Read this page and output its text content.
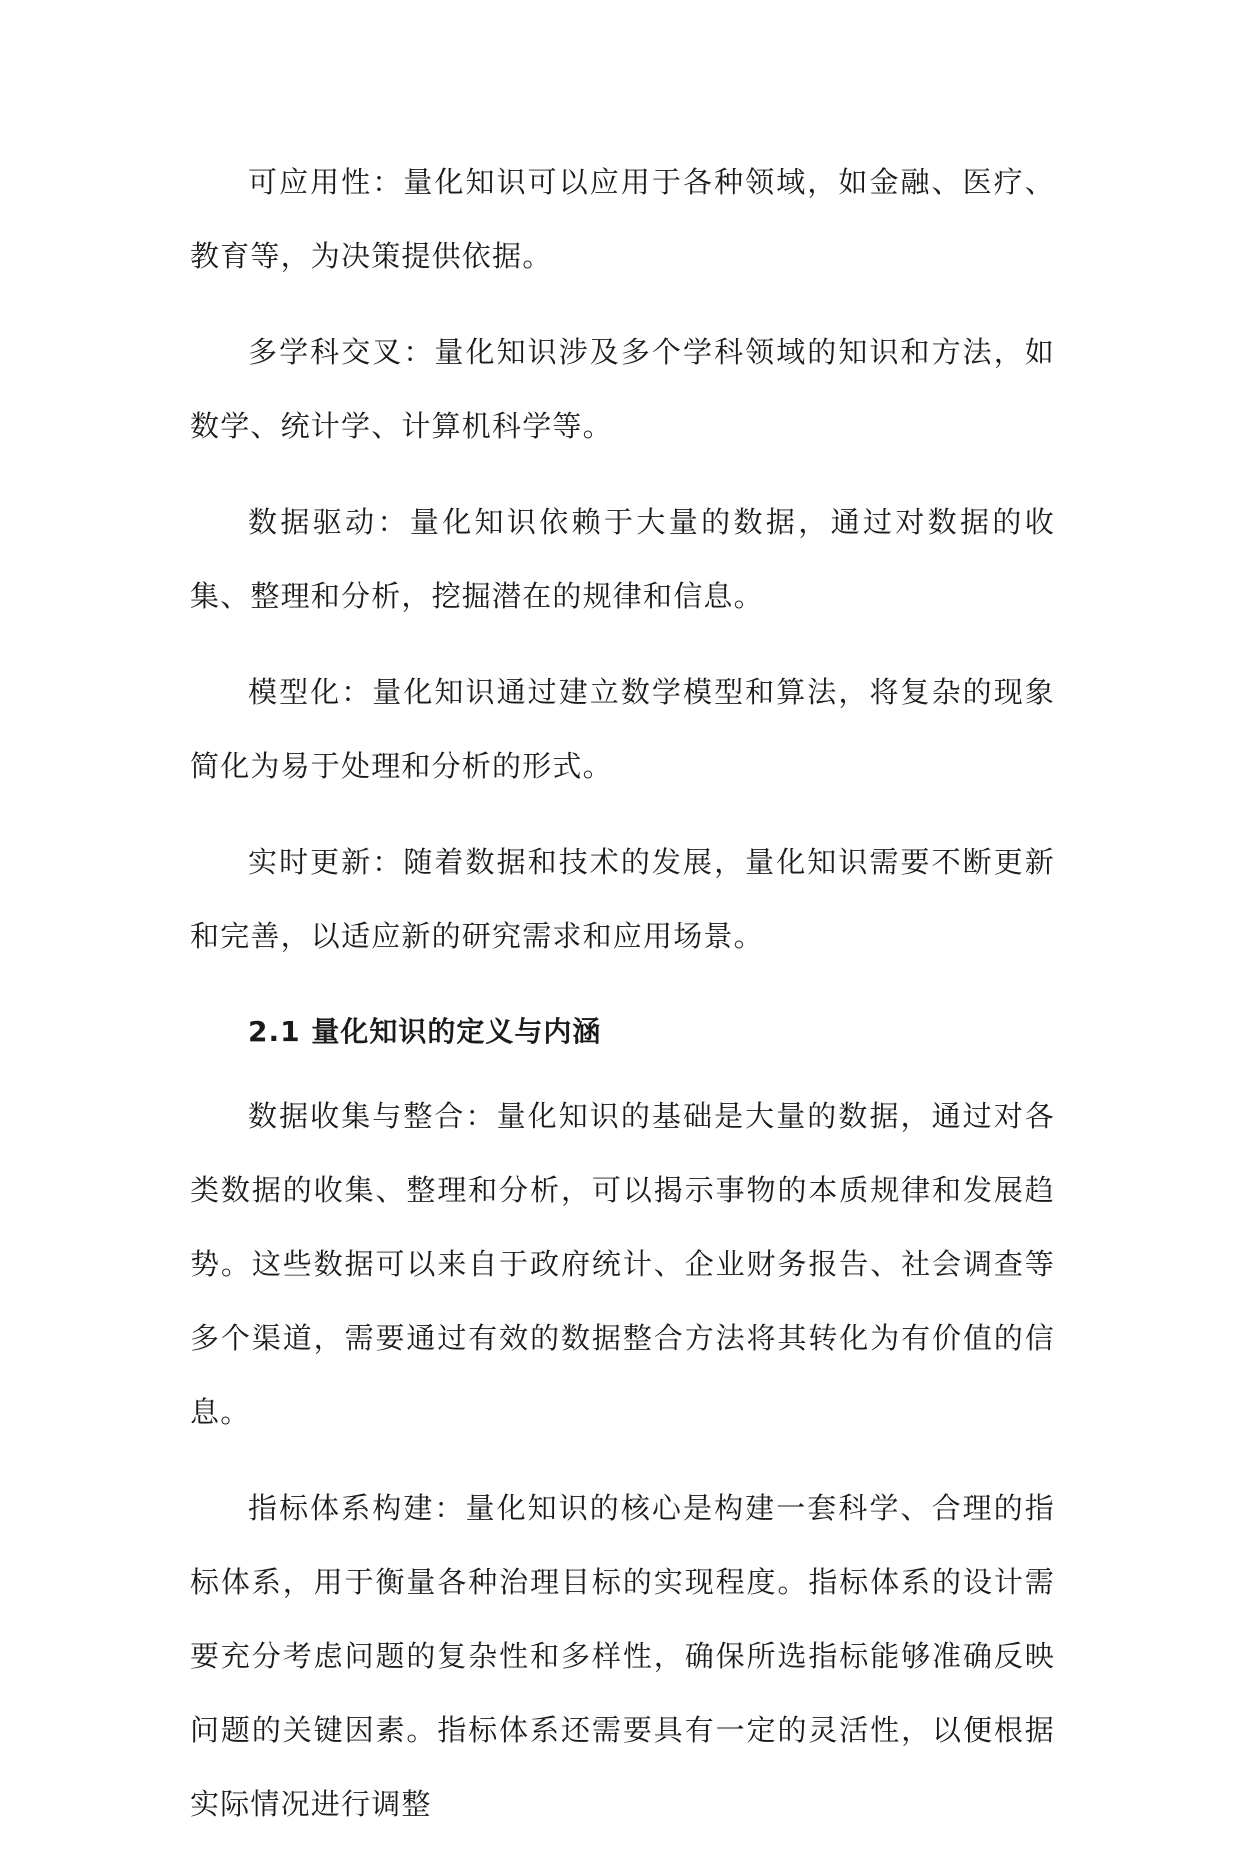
可应用性：量化知识可以应用于各种领域，如金融、医疗、教育等，为决策提供依据。

多学科交叉：量化知识涉及多个学科领域的知识和方法，如数学、统计学、计算机科学等。

数据驱动：量化知识依赖于大量的数据，通过对数据的收集、整理和分析，挖掘潜在的规律和信息。

模型化：量化知识通过建立数学模型和算法，将复杂的现象简化为易于处理和分析的形式。

实时更新：随着数据和技术的发展，量化知识需要不断更新和完善，以适应新的研究需求和应用场景。

2.1 量化知识的定义与内涵

数据收集与整合：量化知识的基础是大量的数据，通过对各类数据的收集、整理和分析，可以揭示事物的本质规律和发展趋势。这些数据可以来自于政府统计、企业财务报告、社会调查等多个渠道，需要通过有效的数据整合方法将其转化为有价值的信息。

指标体系构建：量化知识的核心是构建一套科学、合理的指标体系，用于衡量各种治理目标的实现程度。指标体系的设计需要充分考虑问题的复杂性和多样性，确保所选指标能够准确反映问题的关键因素。指标体系还需要具有一定的灵活性，以便根据实际情况进行调整
